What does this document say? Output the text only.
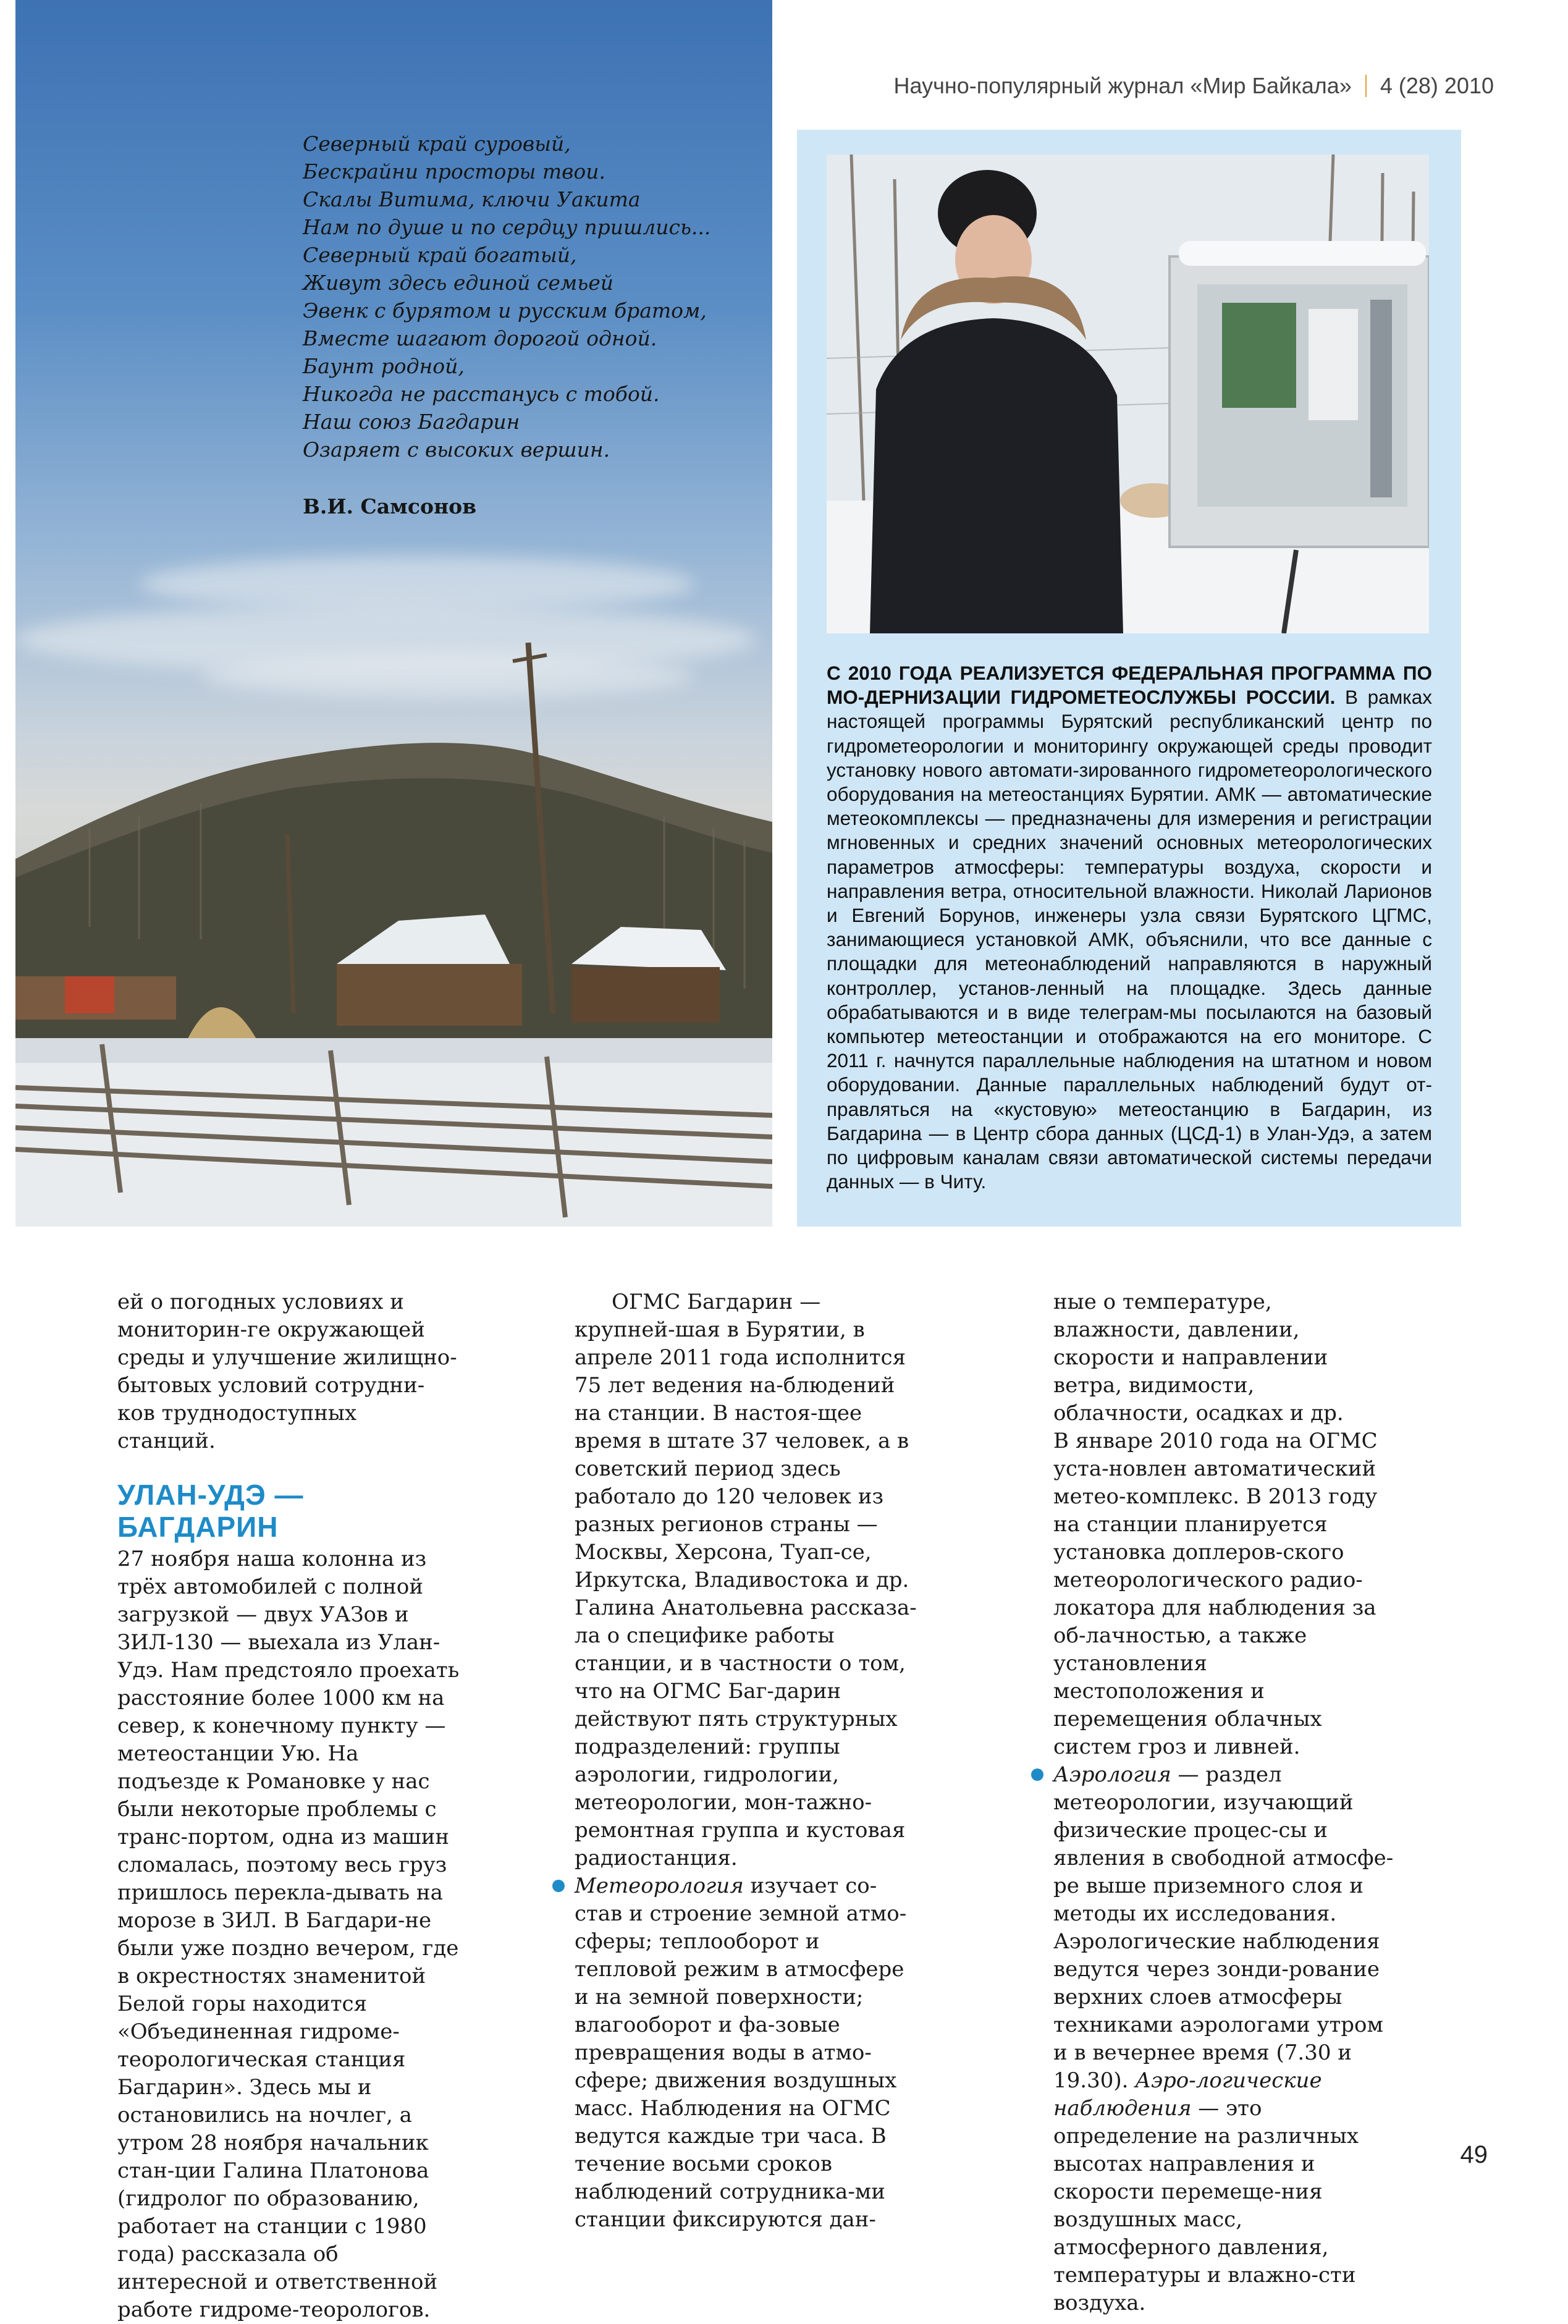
Научно-популярный журнал «Мир Байкала» 4 (28) 2010
Северный край суровый,
Бескрайни просторы твои.
Скалы Витима, ключи Уакита
Нам по душе и по сердцу пришлись...
Северный край богатый,
Живут здесь единой семьей
Эвенк с бурятом и русским братом,
Вместе шагают дорогой одной.
Баунт родной,
Никогда не расстанусь с тобой.
Наш союз Багдарин
Озаряет с высоких вершин.
В.И. Самсонов
С 2010 ГОДА РЕАЛИЗУЕТСЯ ФЕДЕРАЛЬНАЯ ПРОГРАММА ПО МО-ДЕРНИЗАЦИИ ГИДРОМЕТЕОСЛУЖБЫ РОССИИ. В рамках настоящей программы Бурятский республиканский центр по гидрометеорологии и мониторингу окружающей среды проводит установку нового автомати-зированного гидрометеорологического оборудования на метеостанциях Бурятии. АМК — автоматические метеокомплексы — предназначены для измерения и регистрации мгновенных и средних значений основных метеорологических параметров атмосферы: температуры воздуха, скорости и направления ветра, относительной влажности. Николай Ларионов и Евгений Борунов, инженеры узла связи Бурятского ЦГМС, занимающиеся установкой АМК, объяснили, что все данные с площадки для метеонаблюдений направляются в наружный контроллер, установ-ленный на площадке. Здесь данные обрабатываются и в виде телеграм-мы посылаются на базовый компьютер метеостанции и отображаются на его мониторе. С 2011 г. начнутся параллельные наблюдения на штатном и новом оборудовании. Данные параллельных наблюдений будут от-правляться на «кустовую» метеостанцию в Багдарин, из Багдарина — в Центр сбора данных (ЦСД-1) в Улан-Удэ, а затем по цифровым каналам связи автоматической системы передачи данных — в Читу.

ей о погодных условиях и мониторин-ге окружающей среды и улучшение жилищно-бытовых условий сотрудни-ков труднодоступных станций.

УЛАН-УДЭ — БАГДАРИН

27 ноября наша колонна из трёх автомобилей с полной загрузкой — двух УАЗов и ЗИЛ-130 — выехала из Улан-Удэ. Нам предстояло проехать расстояние более 1000 км на север, к конечному пункту — метеостанции Ую. На подъезде к Романовке у нас были некоторые проблемы с транс-портом, одна из машин сломалась, поэтому весь груз пришлось перекла-дывать на морозе в ЗИЛ. В Багдари-не были уже поздно вечером, где в окрестностях знаменитой Белой горы находится «Объединенная гидроме-теорологическая станция Багдарин». Здесь мы и остановились на ночлег, а утром 28 ноября начальник стан-ции Галина Платонова (гидролог по образованию, работает на станции с 1980 года) рассказала об интересной и ответственной работе гидроме-теорологов.

ОГМС Багдарин — крупней-шая в Бурятии, в апреле 2011 года исполнится 75 лет ведения на-блюдений на станции. В настоя-щее время в штате 37 человек, а в советский период здесь работало до 120 человек из разных регионов страны — Москвы, Херсона, Туап-се, Иркутска, Владивостока и др. Галина Анатольевна рассказа-ла о специфике работы станции, и в частности о том, что на ОГМС Баг-дарин действуют пять структурных подразделений: группы аэрологии, гидрологии, метеорологии, мон-тажно-ремонтная группа и кустовая радиостанция.

Метеорология изучает со-став и строение земной атмо-сферы; теплооборот и тепловой режим в атмосфере и на земной поверхности; влагооборот и фа-зовые превращения воды в атмо-сфере; движения воздушных масс. Наблюдения на ОГМС ведутся каждые три часа. В течение восьми сроков наблюдений сотрудника-ми станции фиксируются дан-

ные о температуре, влажности, давлении, скорости и направлении ветра, видимости, облачности, осадках и др.

В январе 2010 года на ОГМС уста-новлен автоматический метео-комплекс. В 2013 году на станции планируется установка доплеров-ского метеорологического радио-локатора для наблюдения за об-лачностью, а также установления местоположения и перемещения облачных систем гроз и ливней.

Аэрология — раздел метеорологии, изучающий физические процес-сы и явления в свободной атмосфе-ре выше приземного слоя и методы их исследования. Аэрологические наблюдения ведутся через зонди-рование верхних слоев атмосферы техниками аэрологами утром и в вечернее время (7.30 и 19.30). Аэро-логические наблюдения — это определение на различных высотах направления и скорости перемеще-ния воздушных масс, атмосферного давления, температуры и влажно-сти воздуха.

49
